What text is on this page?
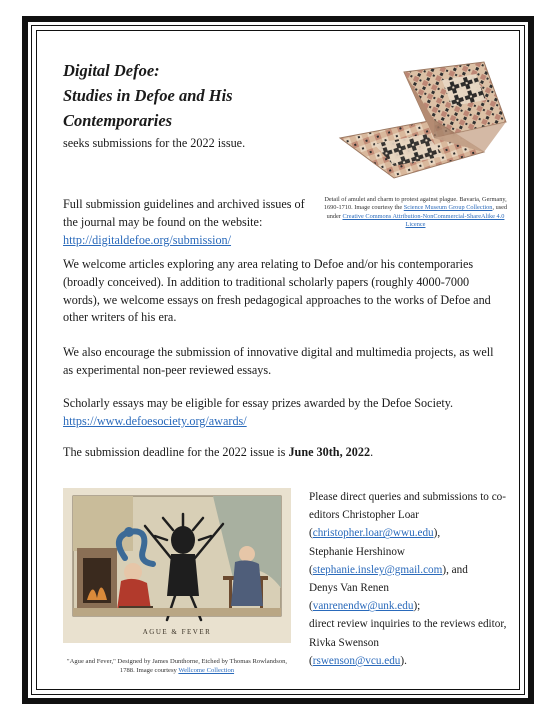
Digital Defoe:
Studies in Defoe and His
Contemporaries

seeks submissions for the 2022 issue.

Detail of amulet and charm to protest against plague. Bavaria, Germany, 1690-1710. Image courtesy the Science Museum Group Collection, used under Creative Commons Attribution-NonCommercial-ShareAlike 4.0 Licence

Full submission guidelines and archived issues of the journal may be found on the website:
http://digitaldefoe.org/submission/

We welcome articles exploring any area relating to Defoe and/or his contemporaries (broadly conceived). In addition to traditional scholarly papers (roughly 4000-7000 words), we welcome essays on fresh pedagogical approaches to the works of Defoe and other writers of his era.

We also encourage the submission of innovative digital and multimedia projects, as well as experimental non-peer reviewed essays.

Scholarly essays may be eligible for essay prizes awarded by the Defoe Society.
https://www.defoesociety.org/awards/

The submission deadline for the 2022 issue is June 30th, 2022.

AGUE & FEVER

"Ague and Fever," Designed by James Dunthorne, Etched by Thomas Rowlandson, 1788. Image courtesy Wellcome Collection

Please direct queries and submissions to co-editors Christopher Loar
(christopher.loar@wwu.edu),
Stephanie Hershinow
(stephanie.insley@gmail.com), and
Denys Van Renen
(vanrenendw@unk.edu);
direct review inquiries to the reviews editor, Rivka Swenson
(rswenson@vcu.edu).
